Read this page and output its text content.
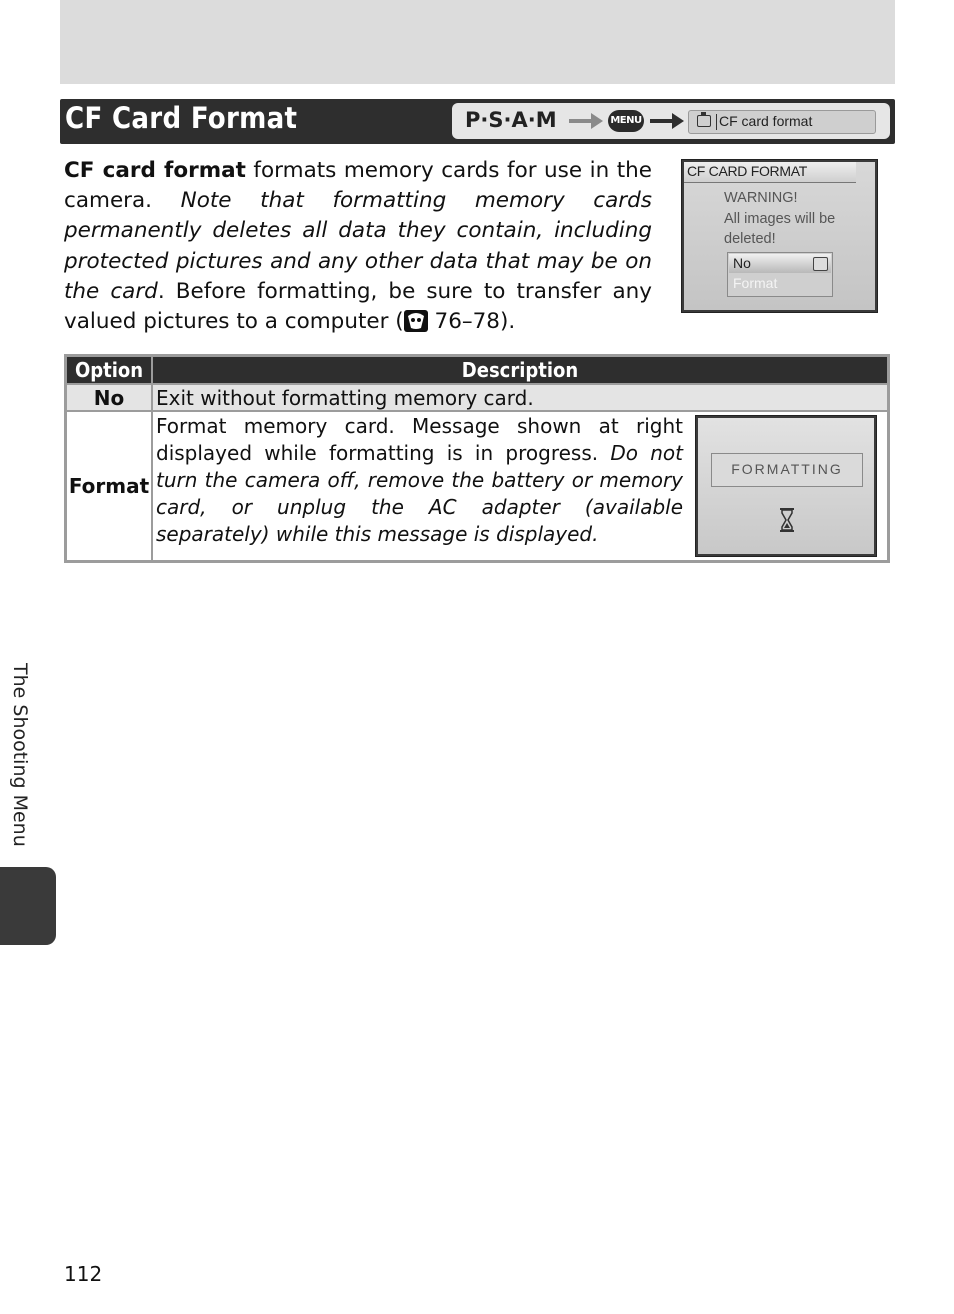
CF Card Format	P·S·A·M	MENU	CF card format
CF card format formats memory cards for use in the camera. Note that formatting memory cards permanently deletes all data they contain, including protected pictures and any other data that may be on the card. Before formatting, be sure to transfer any valued pictures to a computer (
76–78).
CF CARD FORMAT
WARNING!
All images will be
deleted!
No
Format
Option	Description
No	Exit without formatting memory card.
Format	Format memory card. Message shown at right displayed while formatting is in progress. Do not turn the camera off, remove the battery or memory card, or unplug the AC adapter (available separately) while this message is displayed.
FORMATTING
The Shooting Menu
112
